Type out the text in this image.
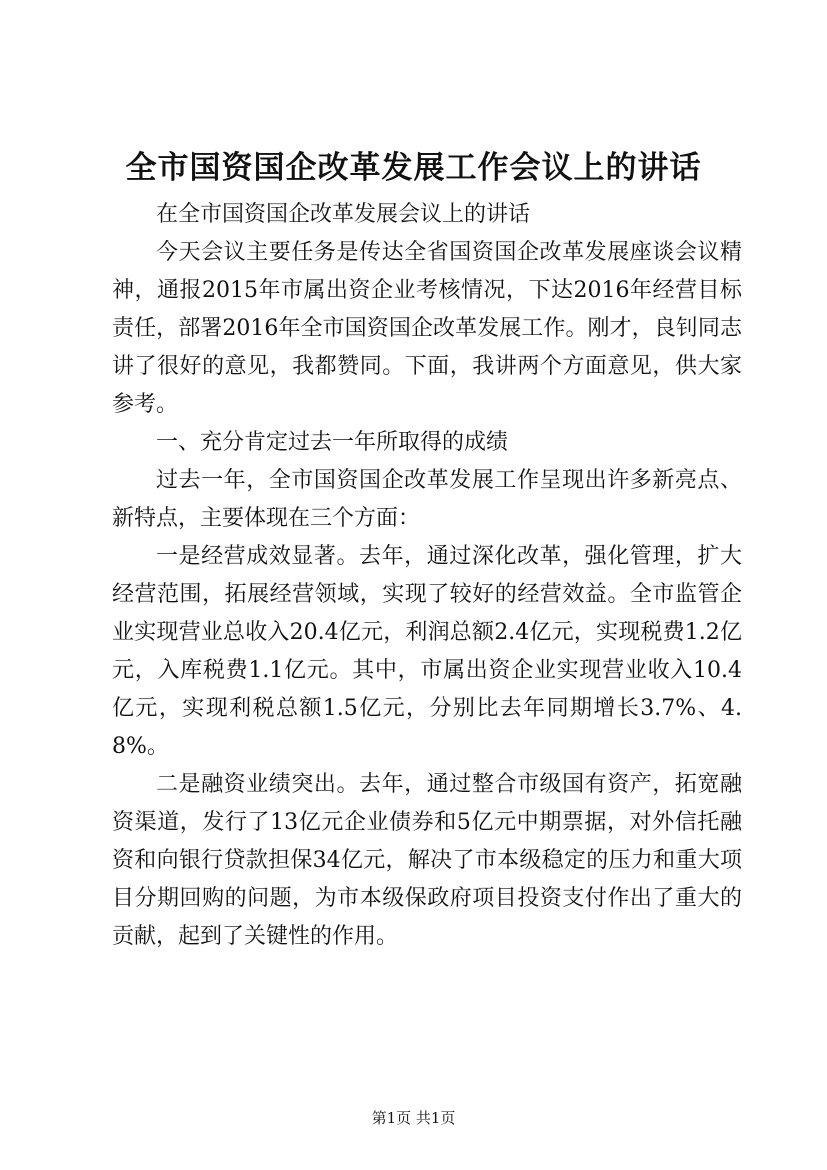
全市国资国企改革发展工作会议上的讲话

在全市国资国企改革发展会议上的讲话

今天会议主要任务是传达全省国资国企改革发展座谈会议精神，通报2015年市属出资企业考核情况，下达2016年经营目标责任，部署2016年全市国资国企改革发展工作。刚才，良钊同志讲了很好的意见，我都赞同。下面，我讲两个方面意见，供大家参考。

一、充分肯定过去一年所取得的成绩

过去一年，全市国资国企改革发展工作呈现出许多新亮点、新特点，主要体现在三个方面：

一是经营成效显著。去年，通过深化改革，强化管理，扩大经营范围，拓展经营领域，实现了较好的经营效益。全市监管企业实现营业总收入20.4亿元，利润总额2.4亿元，实现税费1.2亿元，入库税费1.1亿元。其中，市属出资企业实现营业收入10.4亿元，实现利税总额1.5亿元，分别比去年同期增长3.7%、4.8%。

二是融资业绩突出。去年，通过整合市级国有资产，拓宽融资渠道，发行了13亿元企业债券和5亿元中期票据，对外信托融资和向银行贷款担保34亿元，解决了市本级稳定的压力和重大项目分期回购的问题，为市本级保政府项目投资支付作出了重大的贡献，起到了关键性的作用。

第1页 共1页
